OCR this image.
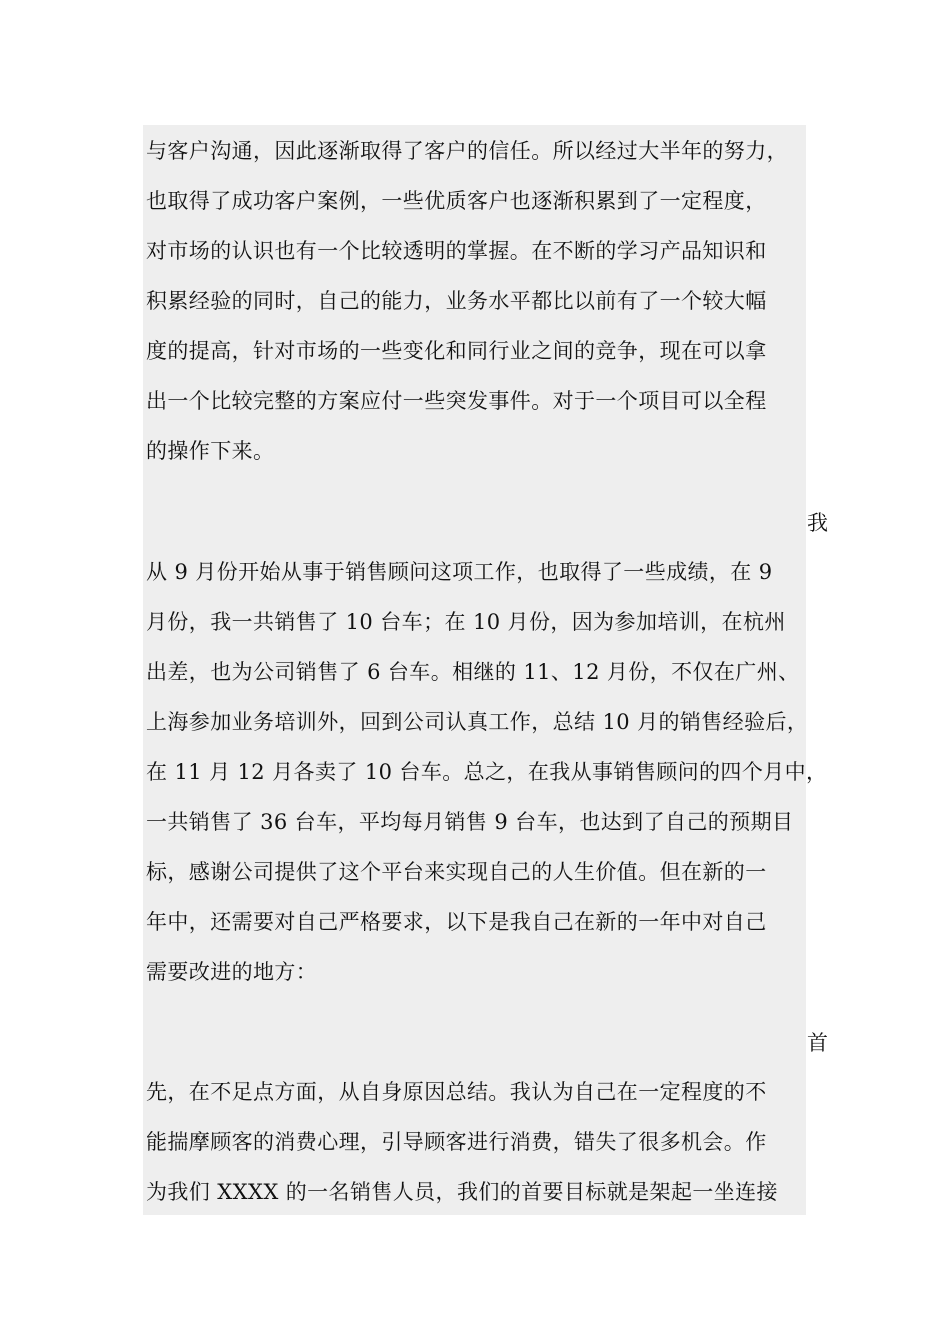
与客户沟通，因此逐渐取得了客户的信任。所以经过大半年的努力，
也取得了成功客户案例，一些优质客户也逐渐积累到了一定程度，
对市场的认识也有一个比较透明的掌握。在不断的学习产品知识和
积累经验的同时，自己的能力，业务水平都比以前有了一个较大幅
度的提高，针对市场的一些变化和同行业之间的竞争，现在可以拿
出一个比较完整的方案应付一些突发事件。对于一个项目可以全程
的操作下来。
我
从 9 月份开始从事于销售顾问这项工作，也取得了一些成绩，在 9
月份，我一共销售了 10 台车；在 10 月份，因为参加培训，在杭州
出差，也为公司销售了 6 台车。相继的 11、12 月份，不仅在广州、
上海参加业务培训外，回到公司认真工作，总结 10 月的销售经验后，
在 11 月 12 月各卖了 10 台车。总之，在我从事销售顾问的四个月中，
一共销售了 36 台车，平均每月销售 9 台车，也达到了自己的预期目
标，感谢公司提供了这个平台来实现自己的人生价值。但在新的一
年中，还需要对自己严格要求，以下是我自己在新的一年中对自己
需要改进的地方：
首
先，在不足点方面，从自身原因总结。我认为自己在一定程度的不
能揣摩顾客的消费心理，引导顾客进行消费，错失了很多机会。作
为我们 XXXX 的一名销售人员，我们的首要目标就是架起一坐连接
